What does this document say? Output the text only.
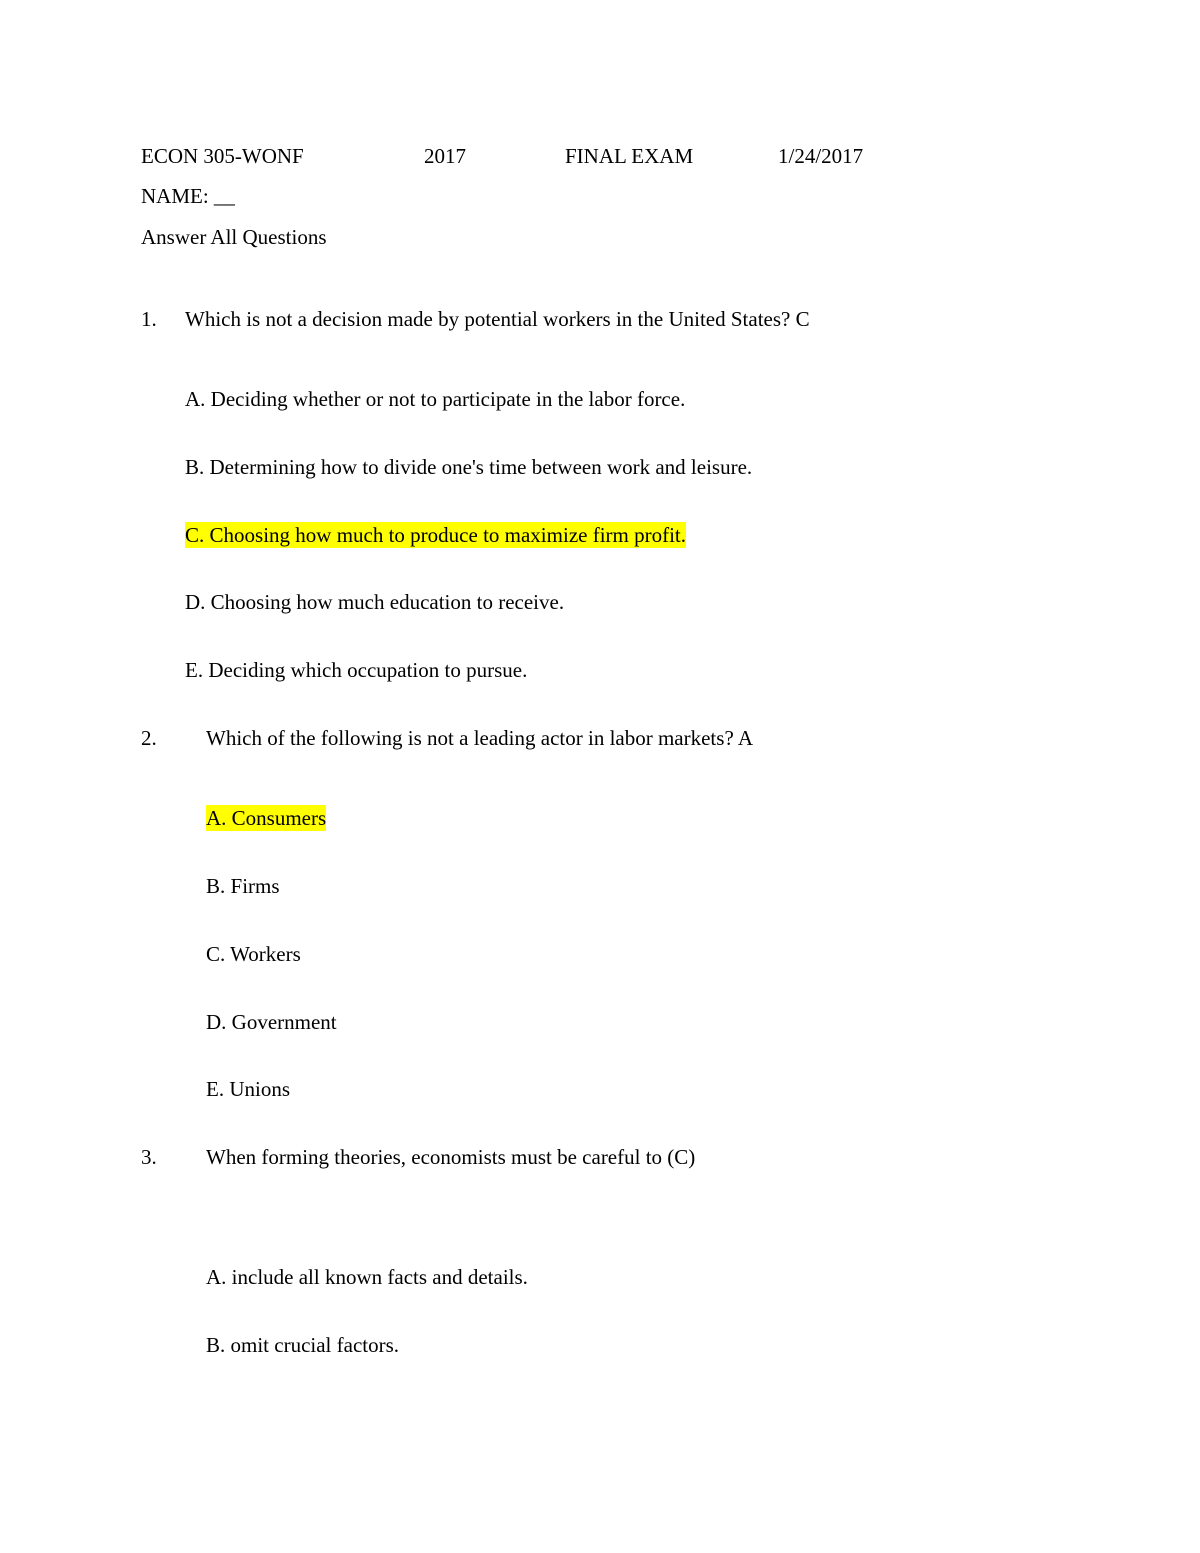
ECON 305-WONF	2017	FINAL EXAM	1/24/2017
NAME: __
Answer All Questions
1. Which is not a decision made by potential workers in the United States? C
A. Deciding whether or not to participate in the labor force.
B. Determining how to divide one's time between work and leisure.
C. Choosing how much to produce to maximize firm profit.
D. Choosing how much education to receive.
E. Deciding which occupation to pursue.
2. Which of the following is not a leading actor in labor markets? A
A. Consumers
B. Firms
C. Workers
D. Government
E. Unions
3. When forming theories, economists must be careful to (C)
A. include all known facts and details.
B. omit crucial factors.
